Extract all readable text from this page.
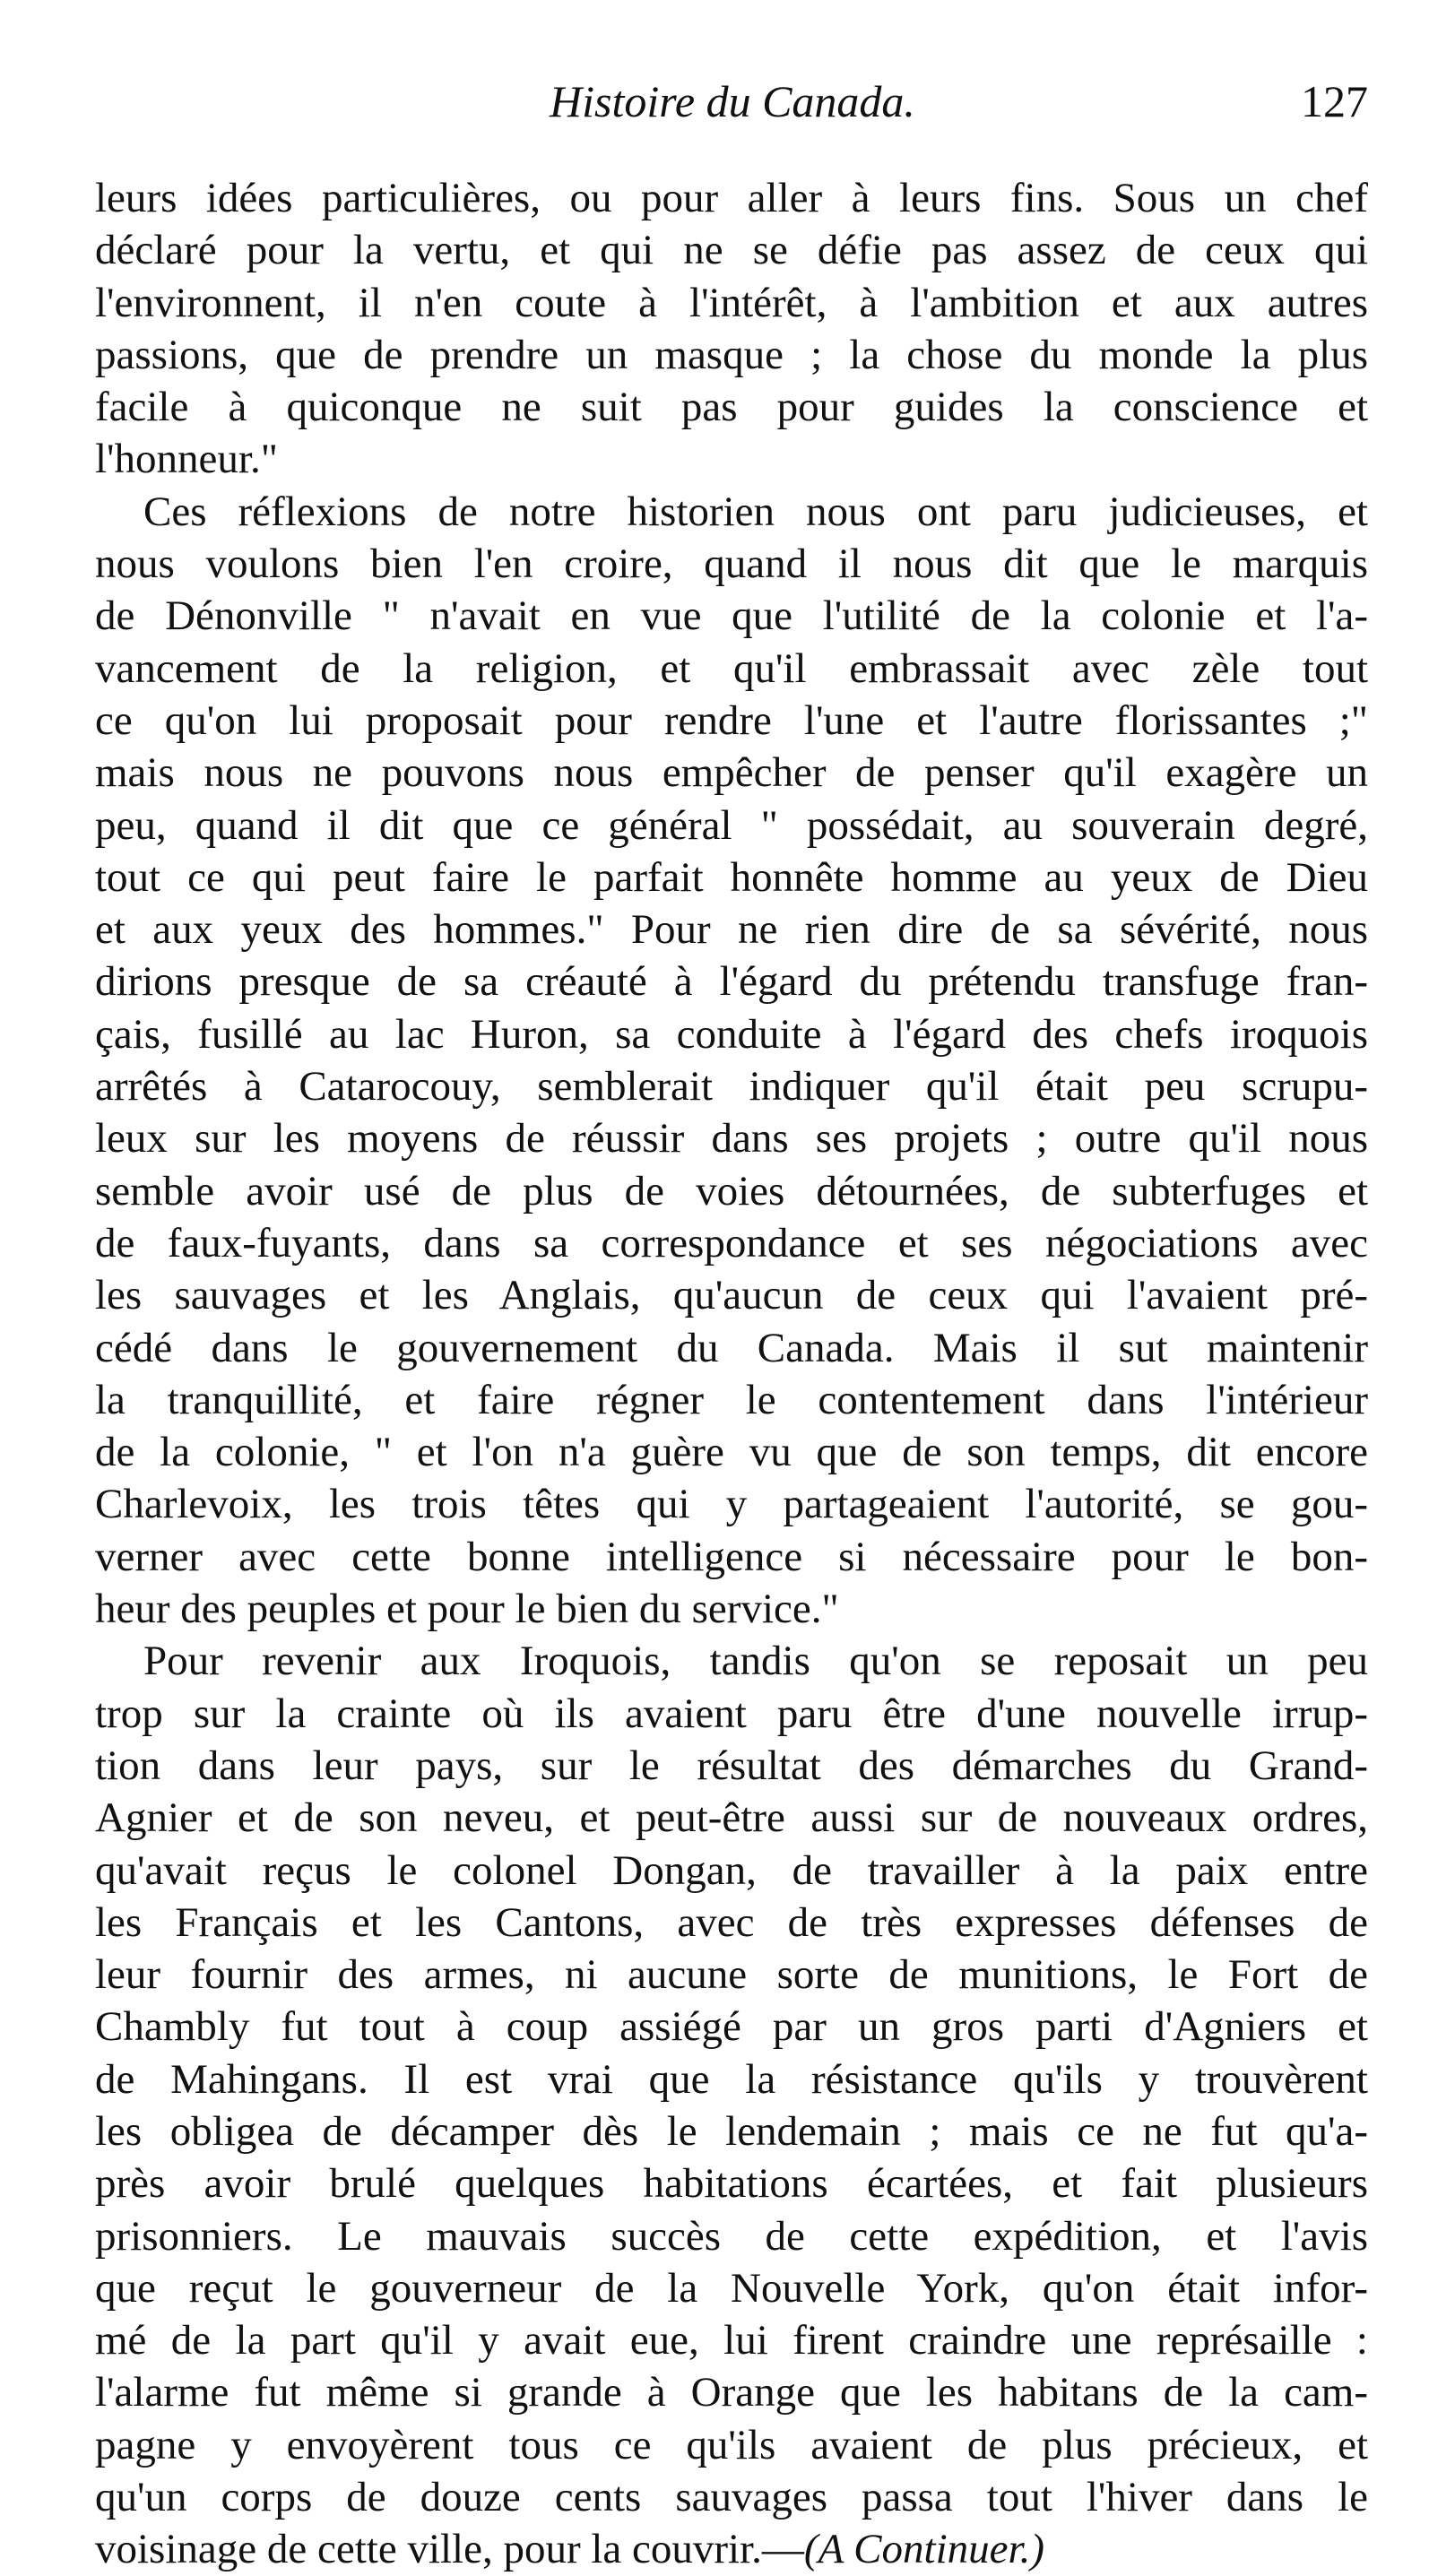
Histoire du Canada.	127
leurs idées particulières, ou pour aller à leurs fins. Sous un chef
déclaré pour la vertu, et qui ne se défie pas assez de ceux qui
l'environnent, il n'en coute à l'intérêt, à l'ambition et aux autres
passions, que de prendre un masque ; la chose du monde la plus
facile à quiconque ne suit pas pour guides la conscience et
l'honneur."
Ces réflexions de notre historien nous ont paru judicieuses, et
nous voulons bien l'en croire, quand il nous dit que le marquis
de Dénonville " n'avait en vue que l'utilité de la colonie et l'a-
vancement de la religion, et qu'il embrassait avec zèle tout
ce qu'on lui proposait pour rendre l'une et l'autre florissantes ;"
mais nous ne pouvons nous empêcher de penser qu'il exagère un
peu, quand il dit que ce général " possédait, au souverain degré,
tout ce qui peut faire le parfait honnête homme au yeux de Dieu
et aux yeux des hommes." Pour ne rien dire de sa sévérité, nous
dirions presque de sa créauté à l'égard du prétendu transfuge fran-
çais, fusillé au lac Huron, sa conduite à l'égard des chefs iroquois
arrêtés à Catarocouy, semblerait indiquer qu'il était peu scrupu-
leux sur les moyens de réussir dans ses projets ; outre qu'il nous
semble avoir usé de plus de voies détournées, de subterfuges et
de faux-fuyants, dans sa correspondance et ses négociations avec
les sauvages et les Anglais, qu'aucun de ceux qui l'avaient pré-
cédé dans le gouvernement du Canada. Mais il sut maintenir
la tranquillité, et faire régner le contentement dans l'intérieur
de la colonie, " et l'on n'a guère vu que de son temps, dit encore
Charlevoix, les trois têtes qui y partageaient l'autorité, se gou-
verner avec cette bonne intelligence si nécessaire pour le bon-
heur des peuples et pour le bien du service."
Pour revenir aux Iroquois, tandis qu'on se reposait un peu
trop sur la crainte où ils avaient paru être d'une nouvelle irrup-
tion dans leur pays, sur le résultat des démarches du Grand-
Agnier et de son neveu, et peut-être aussi sur de nouveaux ordres,
qu'avait reçus le colonel Dongan, de travailler à la paix entre
les Français et les Cantons, avec de très expresses défenses de
leur fournir des armes, ni aucune sorte de munitions, le Fort de
Chambly fut tout à coup assiégé par un gros parti d'Agniers et
de Mahingans. Il est vrai que la résistance qu'ils y trouvèrent
les obligea de décamper dès le lendemain ; mais ce ne fut qu'a-
près avoir brulé quelques habitations écartées, et fait plusieurs
prisonniers. Le mauvais succès de cette expédition, et l'avis
que reçut le gouverneur de la Nouvelle York, qu'on était infor-
mé de la part qu'il y avait eue, lui firent craindre une représaille :
l'alarme fut même si grande à Orange que les habitans de la cam-
pagne y envoyèrent tous ce qu'ils avaient de plus précieux, et
qu'un corps de douze cents sauvages passa tout l'hiver dans le
voisinage de cette ville, pour la couvrir.—(A Continuer.)
